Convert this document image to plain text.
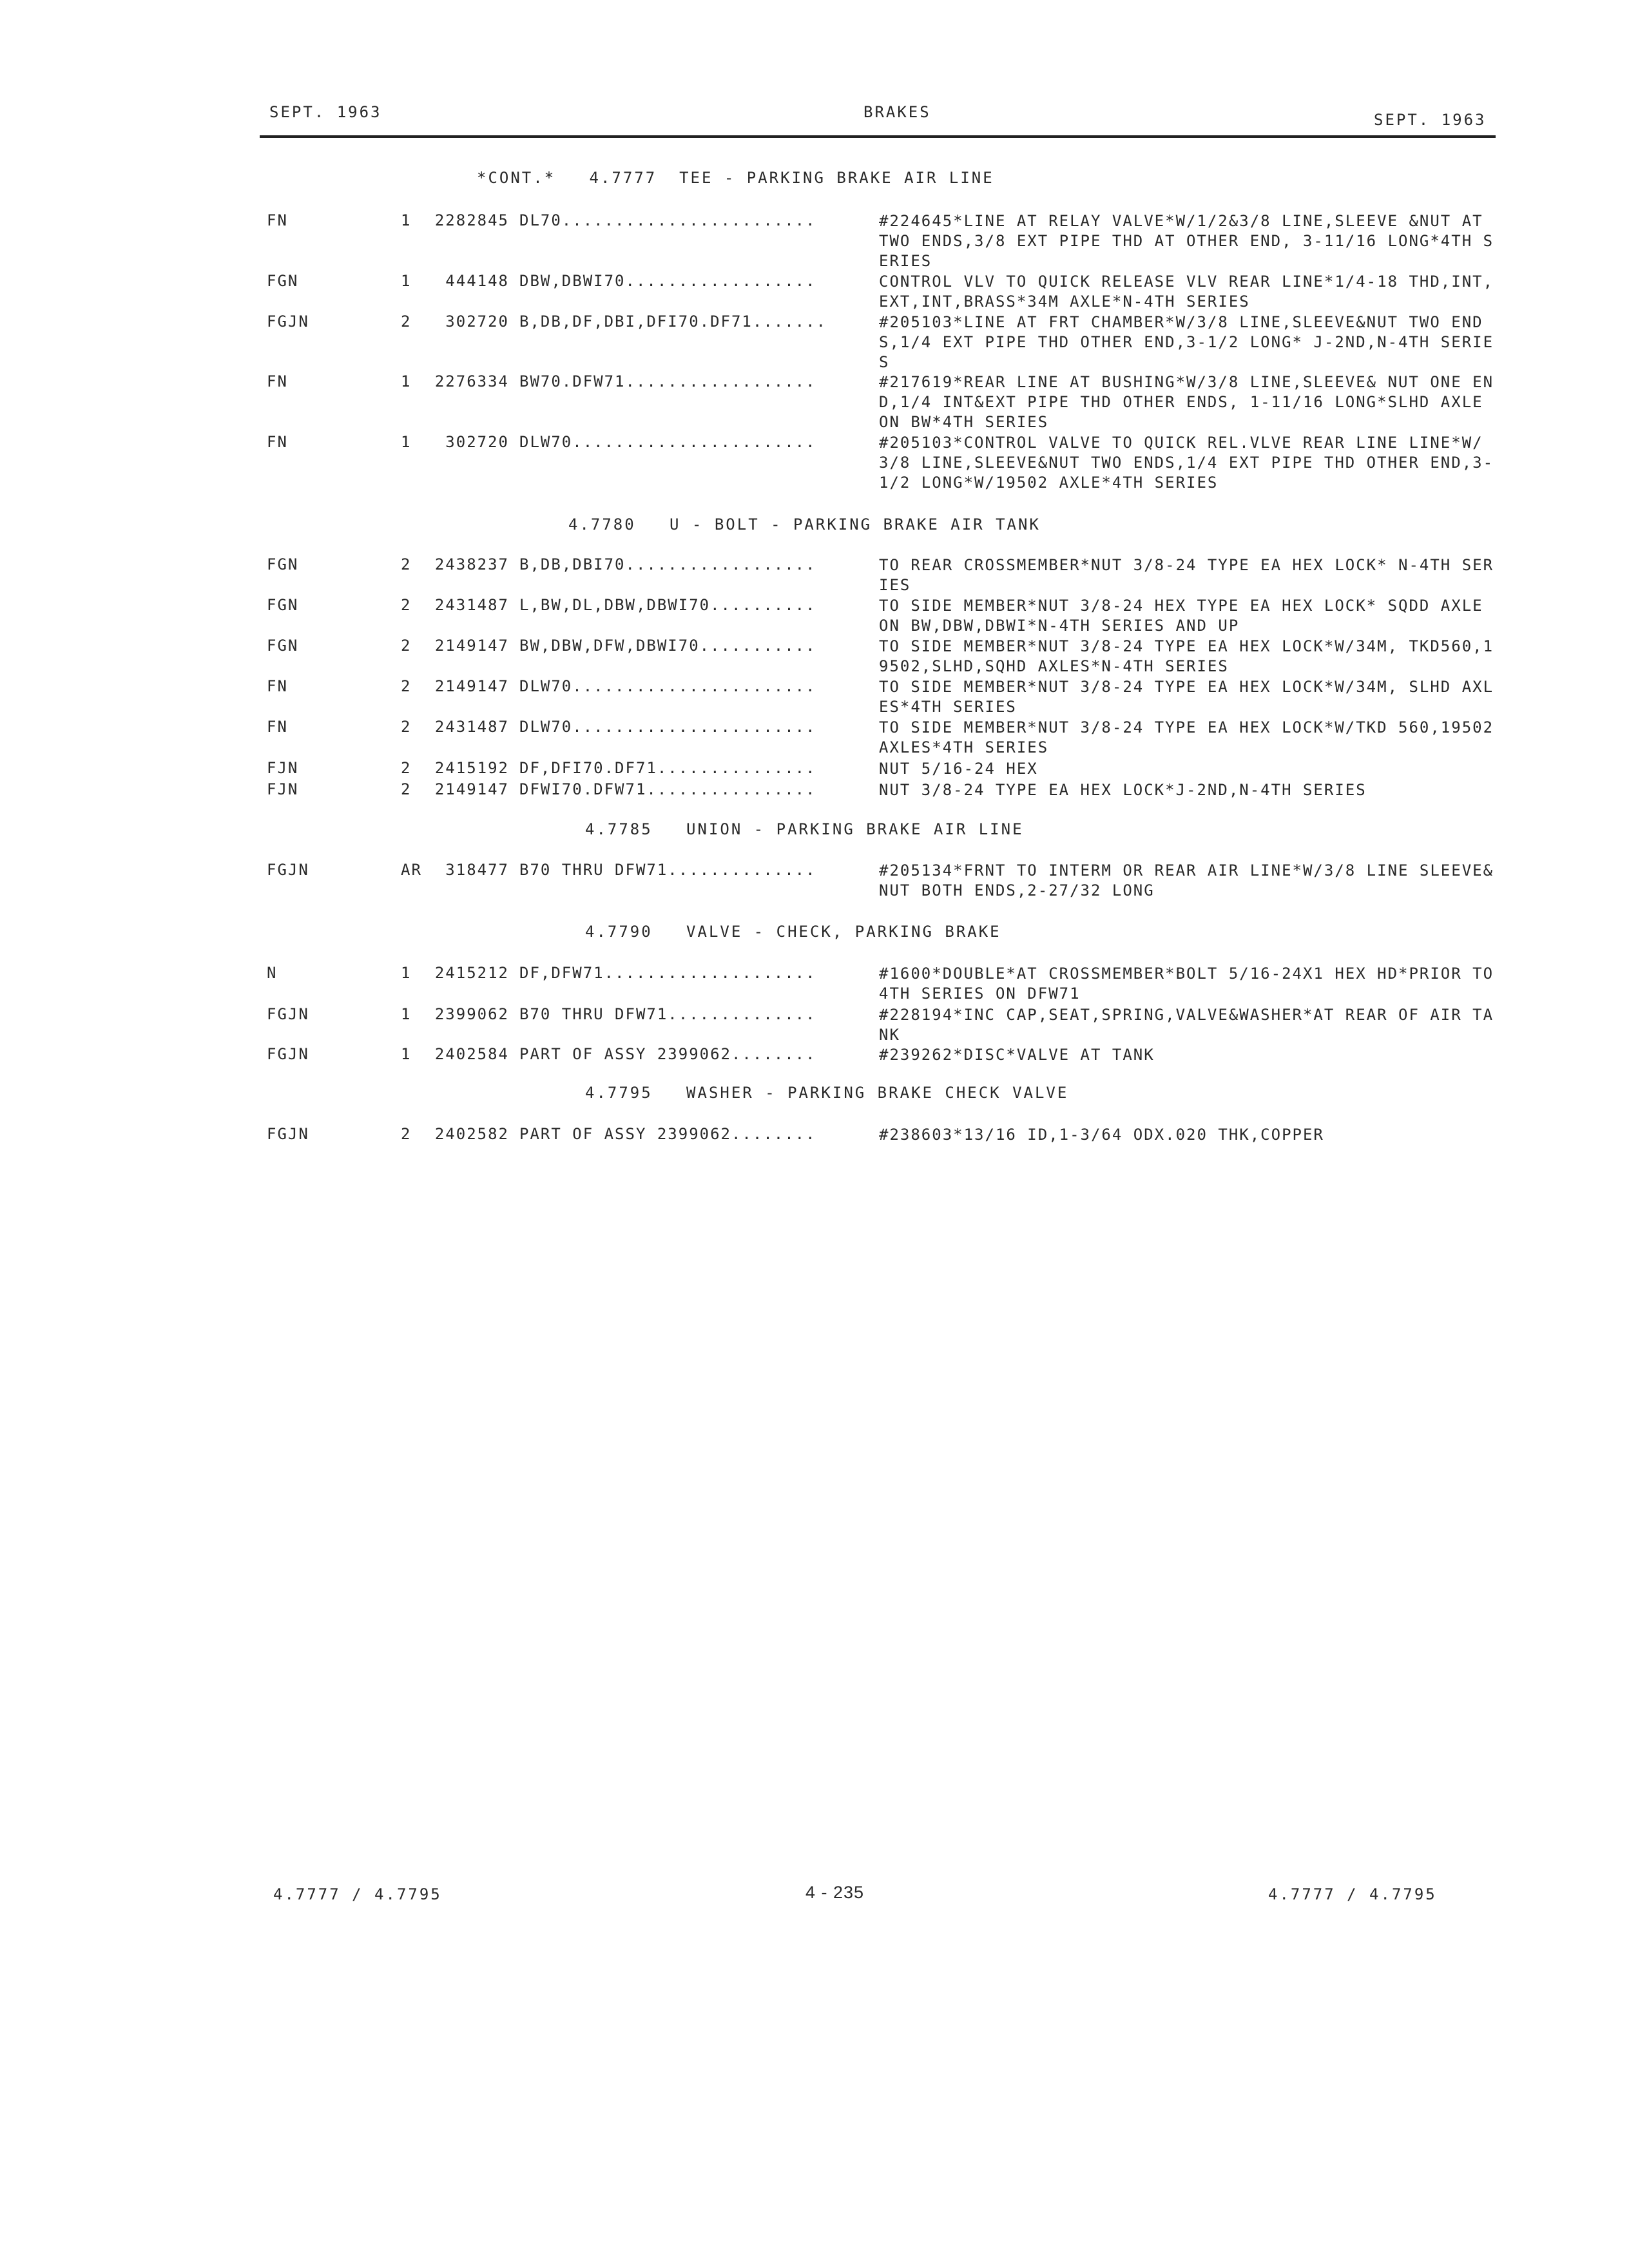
SEPT. 1963	BRAKES	SEPT. 1963
*CONT.*   4.7777  TEE - PARKING BRAKE AIR LINE
FN	1	2282845 DL70........................	#224645*LINE AT RELAY VALVE*W/1/2&3/8 LINE,SLEEVE &NUT AT TWO ENDS,3/8 EXT PIPE THD AT OTHER END, 3-11/16 LONG*4TH SERIES
FGN	1	444148 DBW,DBWI70..................	CONTROL VLV TO QUICK RELEASE VLV REAR LINE*1/4-18 THD,INT,EXT,INT,BRASS*34M AXLE*N-4TH SERIES
FGJN	2	302720 B,DB,DF,DBI,DFI70.DF71.......	#205103*LINE AT FRT CHAMBER*W/3/8 LINE,SLEEVE&NUT TWO ENDS,1/4 EXT PIPE THD OTHER END,3-1/2 LONG* J-2ND,N-4TH SERIES
FN	1	2276334 BW70.DFW71..................	#217619*REAR LINE AT BUSHING*W/3/8 LINE,SLEEVE& NUT ONE END,1/4 INT&EXT PIPE THD OTHER ENDS, 1-11/16 LONG*SLHD AXLE ON BW*4TH SERIES
FN	1	302720 DLW70.......................	#205103*CONTROL VALVE TO QUICK REL.VLVE REAR LINE LINE*W/3/8 LINE,SLEEVE&NUT TWO ENDS,1/4 EXT PIPE THD OTHER END,3-1/2 LONG*W/19502 AXLE*4TH SERIES
4.7780   U - BOLT - PARKING BRAKE AIR TANK
FGN	2	2438237 B,DB,DBI70..................	TO REAR CROSSMEMBER*NUT 3/8-24 TYPE EA HEX LOCK* N-4TH SERIES
FGN	2	2431487 L,BW,DL,DBW,DBWI70..........	TO SIDE MEMBER*NUT 3/8-24 HEX TYPE EA HEX LOCK* SQDD AXLE ON BW,DBW,DBWI*N-4TH SERIES AND UP
FGN	2	2149147 BW,DBW,DFW,DBWI70...........	TO SIDE MEMBER*NUT 3/8-24 TYPE EA HEX LOCK*W/34M, TKD560,19502,SLHD,SQHD AXLES*N-4TH SERIES
FN	2	2149147 DLW70.......................	TO SIDE MEMBER*NUT 3/8-24 TYPE EA HEX LOCK*W/34M, SLHD AXLES*4TH SERIES
FN	2	2431487 DLW70.......................	TO SIDE MEMBER*NUT 3/8-24 TYPE EA HEX LOCK*W/TKD 560,19502 AXLES*4TH SERIES
FJN	2	2415192 DF,DFI70.DF71...............	NUT 5/16-24 HEX
FJN	2	2149147 DFWI70.DFW71................	NUT 3/8-24 TYPE EA HEX LOCK*J-2ND,N-4TH SERIES
4.7785   UNION - PARKING BRAKE AIR LINE
FGJN	AR	318477 B70 THRU DFW71..............	#205134*FRNT TO INTERM OR REAR AIR LINE*W/3/8 LINE SLEEVE&NUT BOTH ENDS,2-27/32 LONG
4.7790   VALVE - CHECK, PARKING BRAKE
N	1	2415212 DF,DFW71....................	#1600*DOUBLE*AT CROSSMEMBER*BOLT 5/16-24X1 HEX HD*PRIOR TO 4TH SERIES ON DFW71
FGJN	1	2399062 B70 THRU DFW71..............	#228194*INC CAP,SEAT,SPRING,VALVE&WASHER*AT REAR OF AIR TANK
FGJN	1	2402584 PART OF ASSY 2399062........	#239262*DISC*VALVE AT TANK
4.7795   WASHER - PARKING BRAKE CHECK VALVE
FGJN	2	2402582 PART OF ASSY 2399062........	#238603*13/16 ID,1-3/64 ODX.020 THK,COPPER
4.7777 / 4.7795	4 - 235	4.7777 / 4.7795
